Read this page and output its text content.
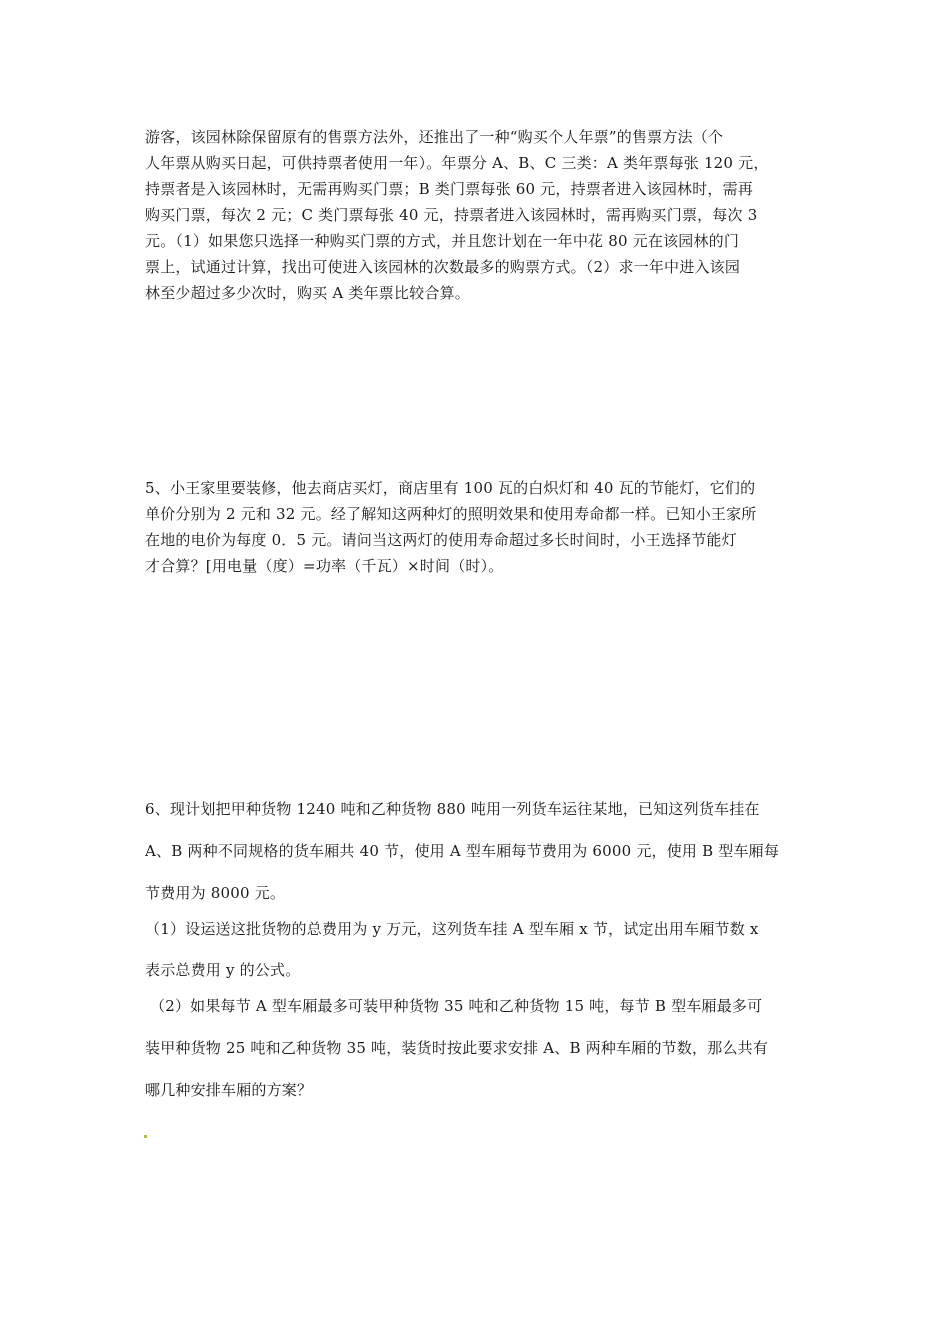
游客，该园林除保留原有的售票方法外，还推出了一种“购买个人年票”的售票方法（个
人年票从购买日起，可供持票者使用一年）。年票分 A、B、C 三类：A 类年票每张 120 元，
持票者是入该园林时，无需再购买门票；B 类门票每张 60 元，持票者进入该园林时，需再
购买门票，每次 2 元；C 类门票每张 40 元，持票者进入该园林时，需再购买门票，每次 3
元。（1）如果您只选择一种购买门票的方式，并且您计划在一年中花 80 元在该园林的门
票上，试通过计算，找出可使进入该园林的次数最多的购票方式。（2）求一年中进入该园
林至少超过多少次时，购买 A 类年票比较合算。
5、小王家里要装修，他去商店买灯，商店里有 100 瓦的白炽灯和 40 瓦的节能灯，它们的
单价分别为 2 元和 32 元。经了解知这两种灯的照明效果和使用寿命都一样。已知小王家所
在地的电价为每度 0．5 元。请问当这两灯的使用寿命超过多长时间时，小王选择节能灯
才合算？[用电量（度）=功率（千瓦）×时间（时）。
6、现计划把甲种货物 1240 吨和乙种货物 880 吨用一列货车运往某地，已知这列货车挂在
A、B 两种不同规格的货车厢共 40 节，使用 A 型车厢每节费用为 6000 元，使用 B 型车厢每
节费用为 8000 元。
（1）设运送这批货物的总费用为 y 万元，这列货车挂 A 型车厢 x 节，试定出用车厢节数 x
表示总费用 y 的公式。
（2）如果每节 A 型车厢最多可装甲种货物 35 吨和乙种货物 15 吨，每节 B 型车厢最多可
装甲种货物 25 吨和乙种货物 35 吨，装货时按此要求安排 A、B 两种车厢的节数，那么共有
哪几种安排车厢的方案？
